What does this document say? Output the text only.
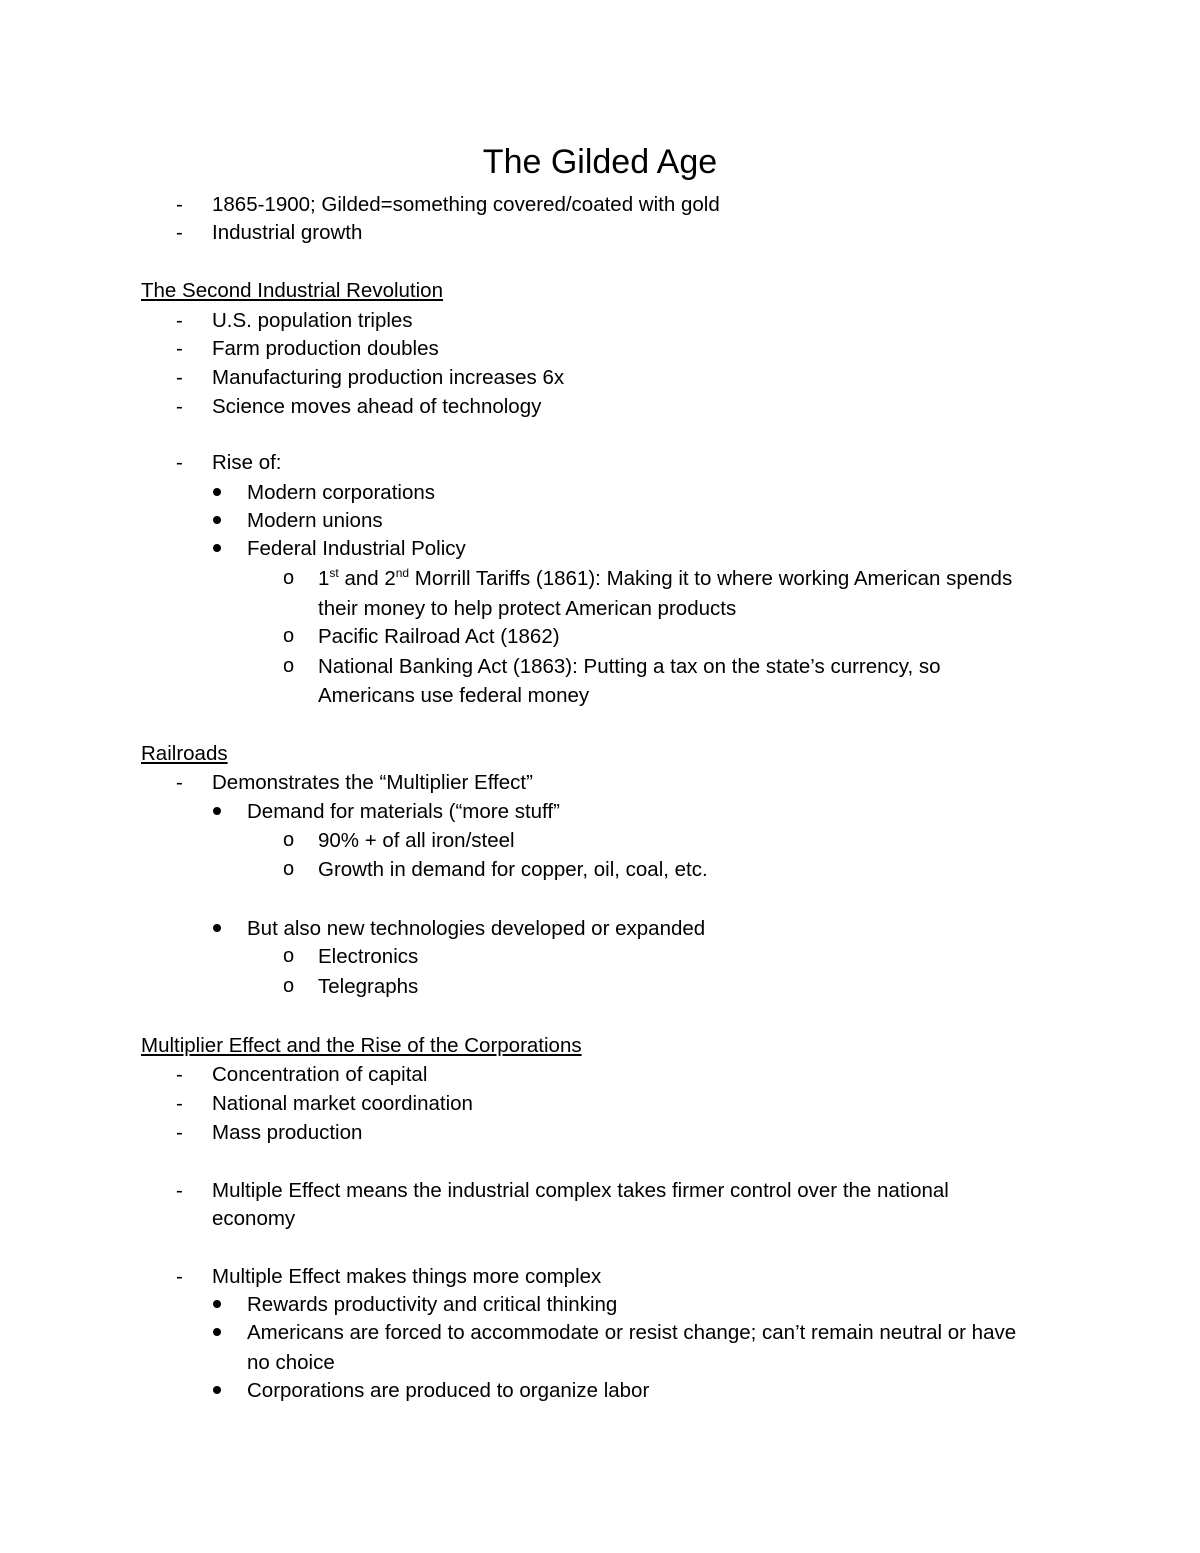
The Gilded Age
- 1865-1900; Gilded=something covered/coated with gold
- Industrial growth
The Second Industrial Revolution
- U.S. population triples
- Farm production doubles
- Manufacturing production increases 6x
- Science moves ahead of technology
- Rise of:
Modern corporations
Modern unions
Federal Industrial Policy
o 1st and 2nd Morrill Tariffs (1861): Making it to where working American spends
their money to help protect American products
o Pacific Railroad Act (1862)
o National Banking Act (1863): Putting a tax on the state’s currency, so
Americans use federal money
Railroads
- Demonstrates the “Multiplier Effect”
Demand for materials (“more stuff”
o 90% + of all iron/steel
o Growth in demand for copper, oil, coal, etc.
But also new technologies developed or expanded
o Electronics
o Telegraphs
Multiplier Effect and the Rise of the Corporations
- Concentration of capital
- National market coordination
- Mass production
- Multiple Effect means the industrial complex takes firmer control over the national
economy
- Multiple Effect makes things more complex
Rewards productivity and critical thinking
Americans are forced to accommodate or resist change; can’t remain neutral or have
no choice
Corporations are produced to organize labor
